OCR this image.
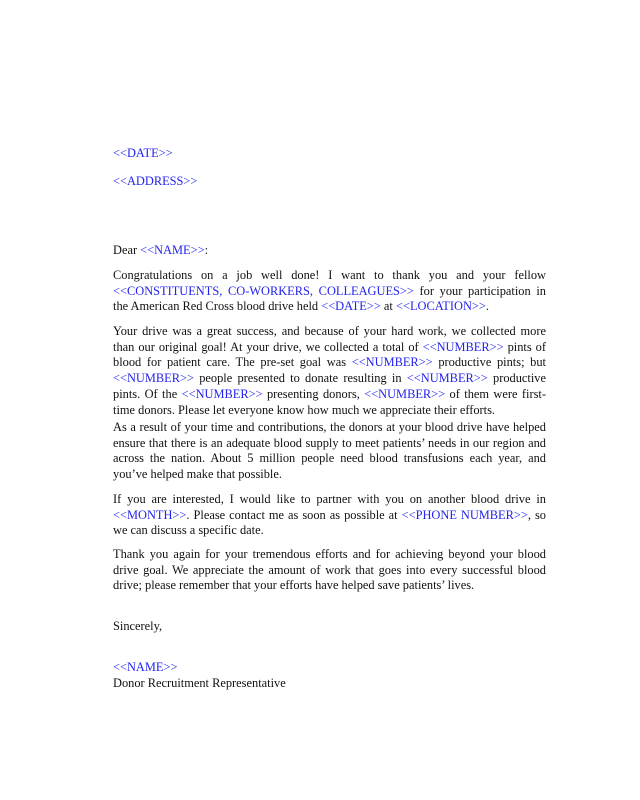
<<DATE>>

<<ADDRESS>>

Dear <<NAME>>:

Congratulations on a job well done! I want to thank you and your fellow
<<CONSTITUENTS, CO-WORKERS, COLLEAGUES>> for your participation in
the American Red Cross blood drive held <<DATE>> at <<LOCATION>>.

Your drive was a great success, and because of your hard work, we collected more
than our original goal! At your drive, we collected a total of <<NUMBER>> pints of
blood for patient care. The pre-set goal was <<NUMBER>> productive pints; but
<<NUMBER>> people presented to donate resulting in <<NUMBER>> productive
pints. Of the <<NUMBER>> presenting donors, <<NUMBER>> of them were first-
time donors. Please let everyone know how much we appreciate their efforts.

As a result of your time and contributions, the donors at your blood drive have helped
ensure that there is an adequate blood supply to meet patients’ needs in our region and
across the nation. About 5 million people need blood transfusions each year, and
you’ve helped make that possible.

If you are interested, I would like to partner with you on another blood drive in
<<MONTH>>. Please contact me as soon as possible at <<PHONE NUMBER>>, so
we can discuss a specific date.

Thank you again for your tremendous efforts and for achieving beyond your blood
drive goal. We appreciate the amount of work that goes into every successful blood
drive; please remember that your efforts have helped save patients’ lives.

Sincerely,

<<NAME>>
Donor Recruitment Representative
